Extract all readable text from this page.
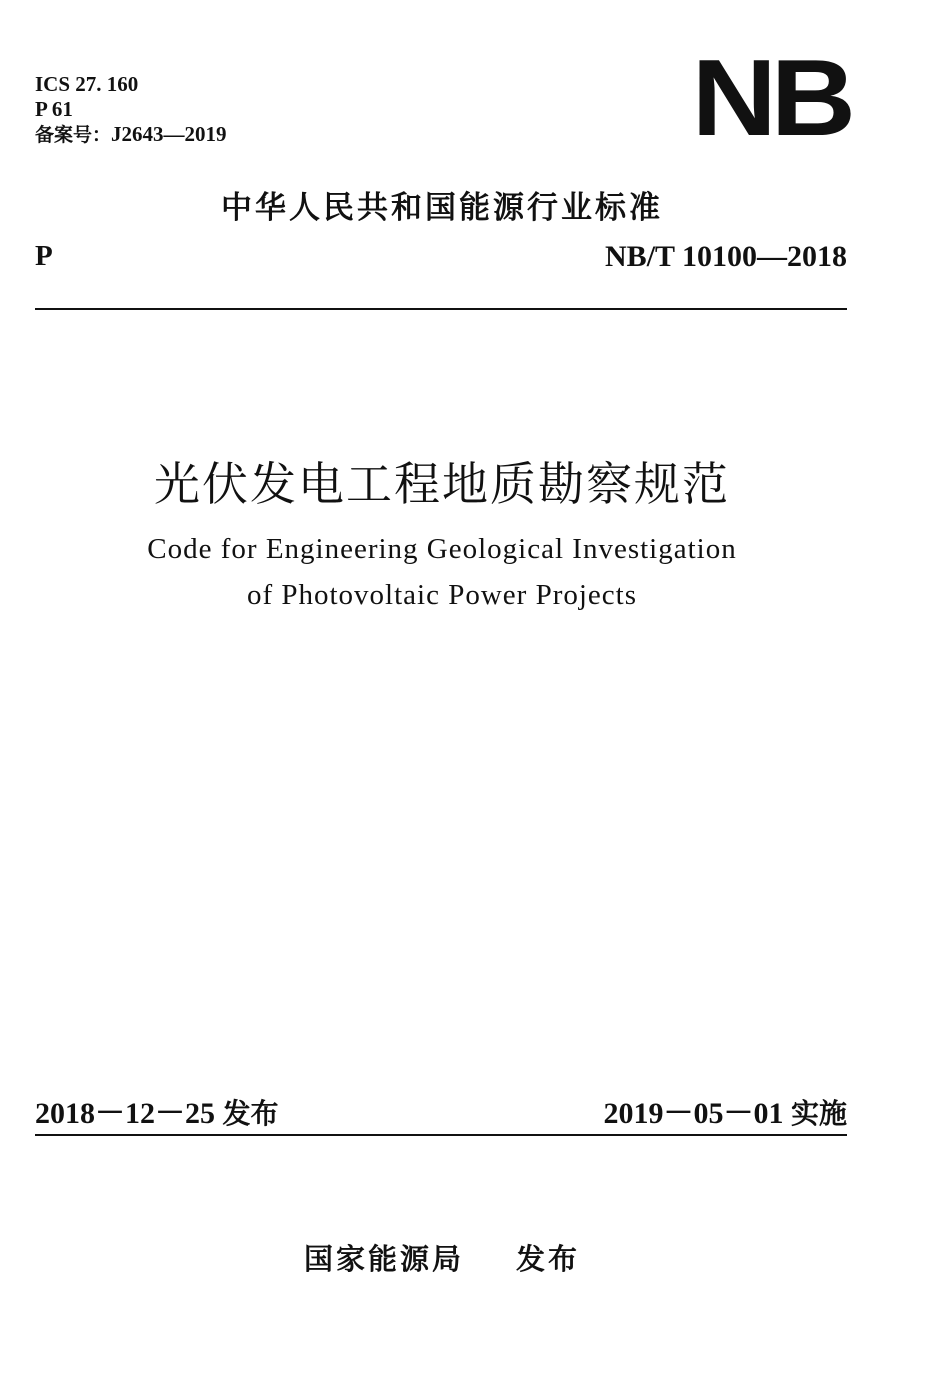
ICS 27. 160
P 61
备案号：J2643—2019	NB
中华人民共和国能源行业标准
P	NB/T 10100—2018
光伏发电工程地质勘察规范
Code for Engineering Geological Investigation
of Photovoltaic Power Projects
2018－12－25 发布	2019－05－01 实施
国家能源局 发布
